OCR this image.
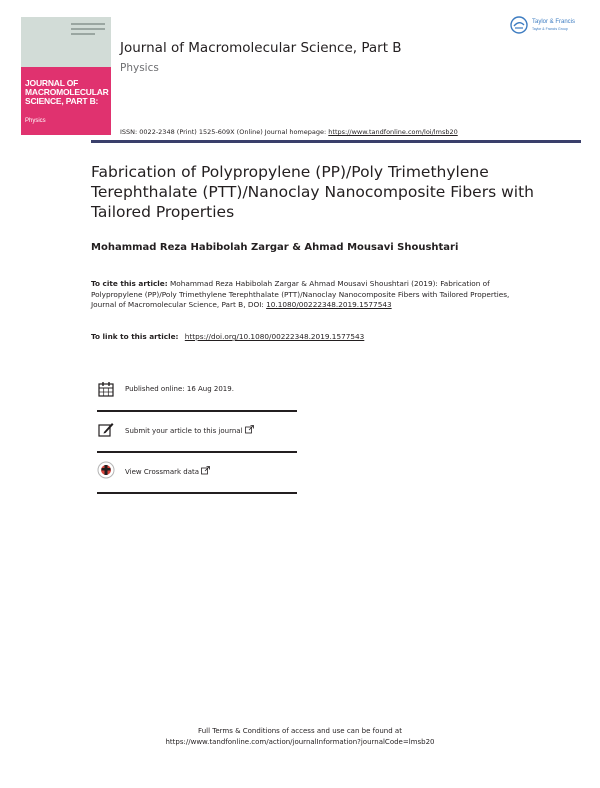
JOURNAL OF
MACROMOLECULAR
SCIENCE, PART B:
Physics
Journal of Macromolecular Science, Part B
Physics
Taylor & Francis
Taylor & Francis Group
ISSN: 0022-2348 (Print) 1525-609X (Online) Journal homepage: https://www.tandfonline.com/loi/lmsb20
Fabrication of Polypropylene (PP)/Poly Trimethylene Terephthalate (PTT)/Nanoclay Nanocomposite Fibers with Tailored Properties
Mohammad Reza Habibolah Zargar & Ahmad Mousavi Shoushtari
To cite this article: Mohammad Reza Habibolah Zargar & Ahmad Mousavi Shoushtari (2019): Fabrication of Polypropylene (PP)/Poly Trimethylene Terephthalate (PTT)/Nanoclay Nanocomposite Fibers with Tailored Properties, Journal of Macromolecular Science, Part B, DOI: 10.1080/00222348.2019.1577543
To link to this article: https://doi.org/10.1080/00222348.2019.1577543
Published online: 16 Aug 2019.
Submit your article to this journal
View Crossmark data
Full Terms & Conditions of access and use can be found at
https://www.tandfonline.com/action/journalInformation?journalCode=lmsb20
